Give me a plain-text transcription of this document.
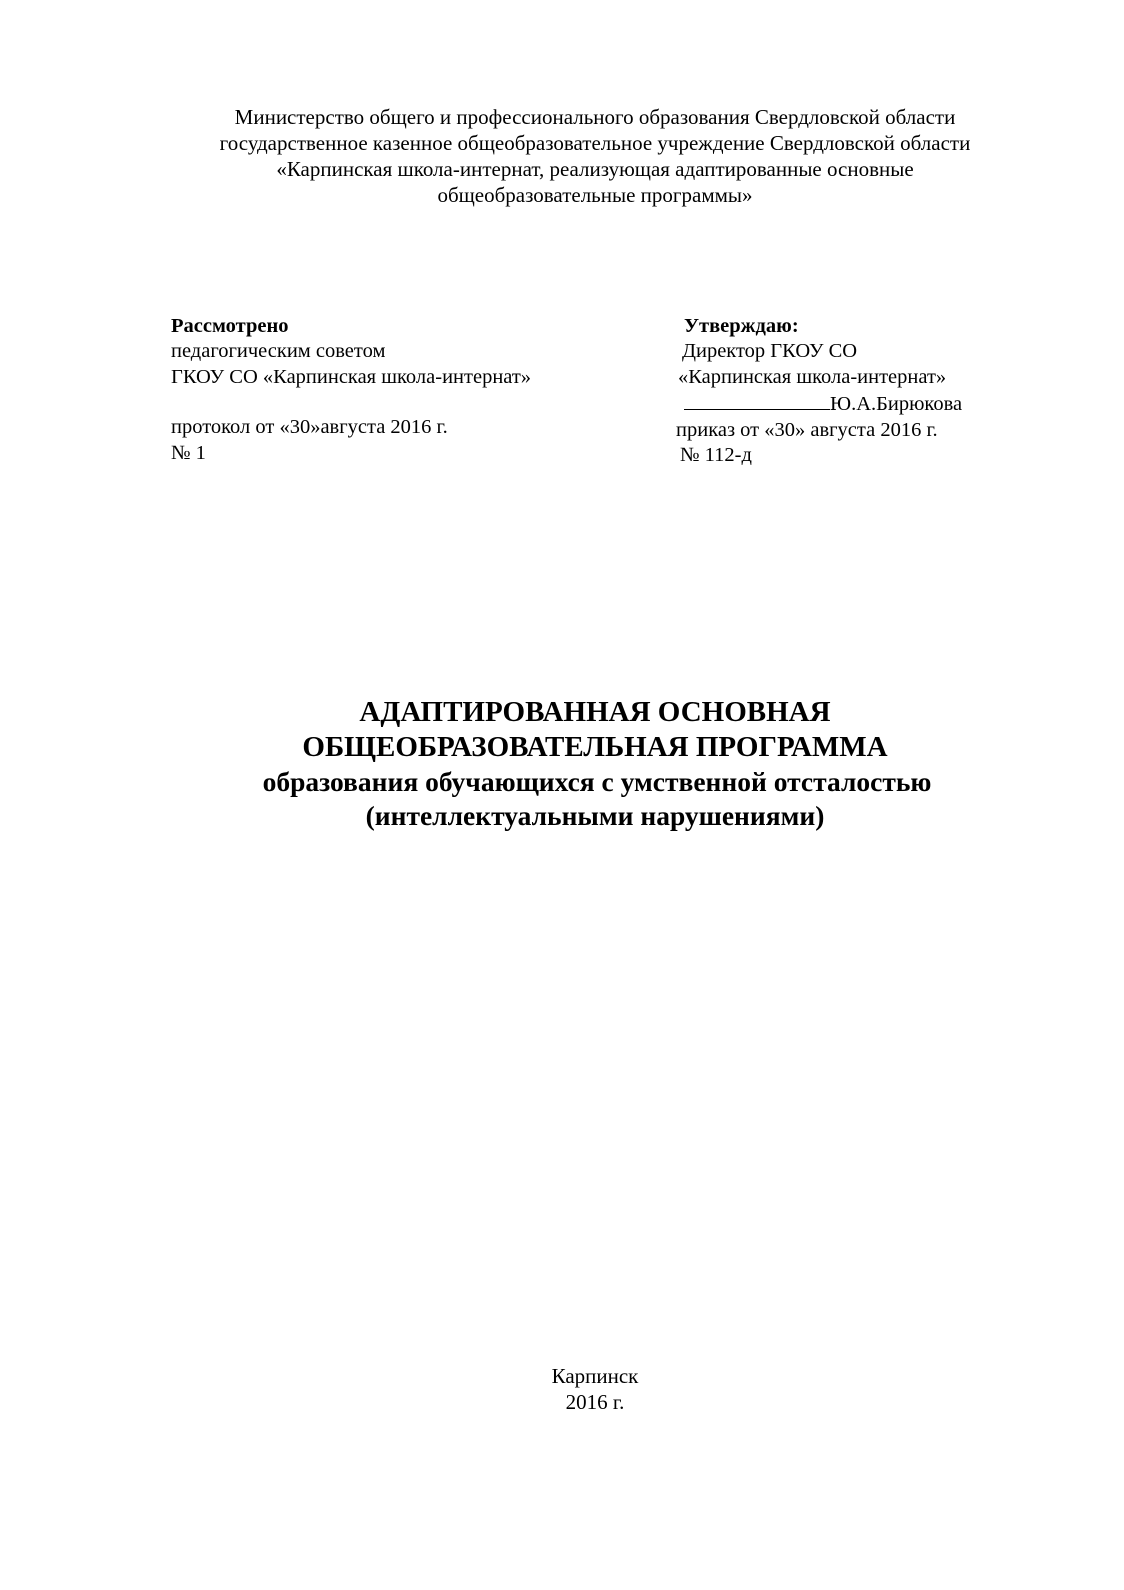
Министерство общего и профессионального образования Свердловской области
государственное казенное общеобразовательное учреждение Свердловской области
«Карпинская школа-интернат, реализующая адаптированные основные
общеобразовательные программы»
Рассмотрено
педагогическим советом
ГКОУ СО «Карпинская школа-интернат»
протокол от «30»августа 2016 г.
№ 1
Утверждаю:
Директор ГКОУ СО
«Карпинская школа-интернат»
Ю.А.Бирюкова
приказ от «30» августа 2016 г.
№ 112-д
АДАПТИРОВАННАЯ ОСНОВНАЯ
ОБЩЕОБРАЗОВАТЕЛЬНАЯ ПРОГРАММА
образования обучающихся с умственной отсталостью
(интеллектуальными нарушениями)
Карпинск
2016 г.
